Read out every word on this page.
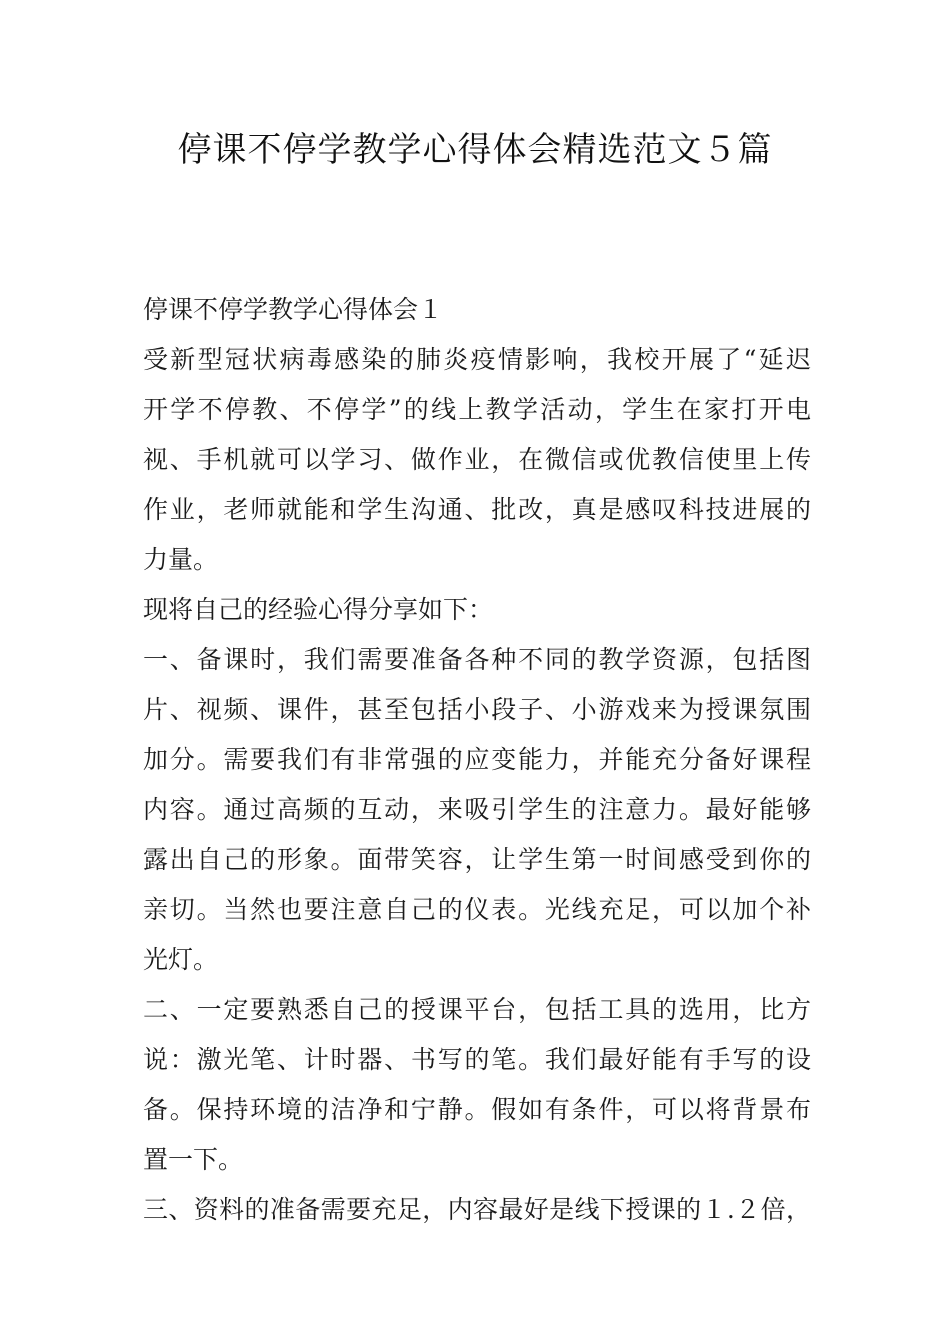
停课不停学教学心得体会精选范文５篇
停课不停学教学心得体会１
受新型冠状病毒感染的肺炎疫情影响，我校开展了“延迟
开学不停教、不停学”的线上教学活动，学生在家打开电
视、手机就可以学习、做作业，在微信或优教信使里上传
作业，老师就能和学生沟通、批改，真是感叹科技进展的
力量。
现将自己的经验心得分享如下：
一、备课时，我们需要准备各种不同的教学资源，包括图
片、视频、课件，甚至包括小段子、小游戏来为授课氛围
加分。需要我们有非常强的应变能力，并能充分备好课程
内容。通过高频的互动，来吸引学生的注意力。最好能够
露出自己的形象。面带笑容，让学生第一时间感受到你的
亲切。当然也要注意自己的仪表。光线充足，可以加个补
光灯。
二、一定要熟悉自己的授课平台，包括工具的选用，比方
说：激光笔、计时器、书写的笔。我们最好能有手写的设
备。保持环境的洁净和宁静。假如有条件，可以将背景布
置一下。
三、资料的准备需要充足，内容最好是线下授课的１.２倍，
